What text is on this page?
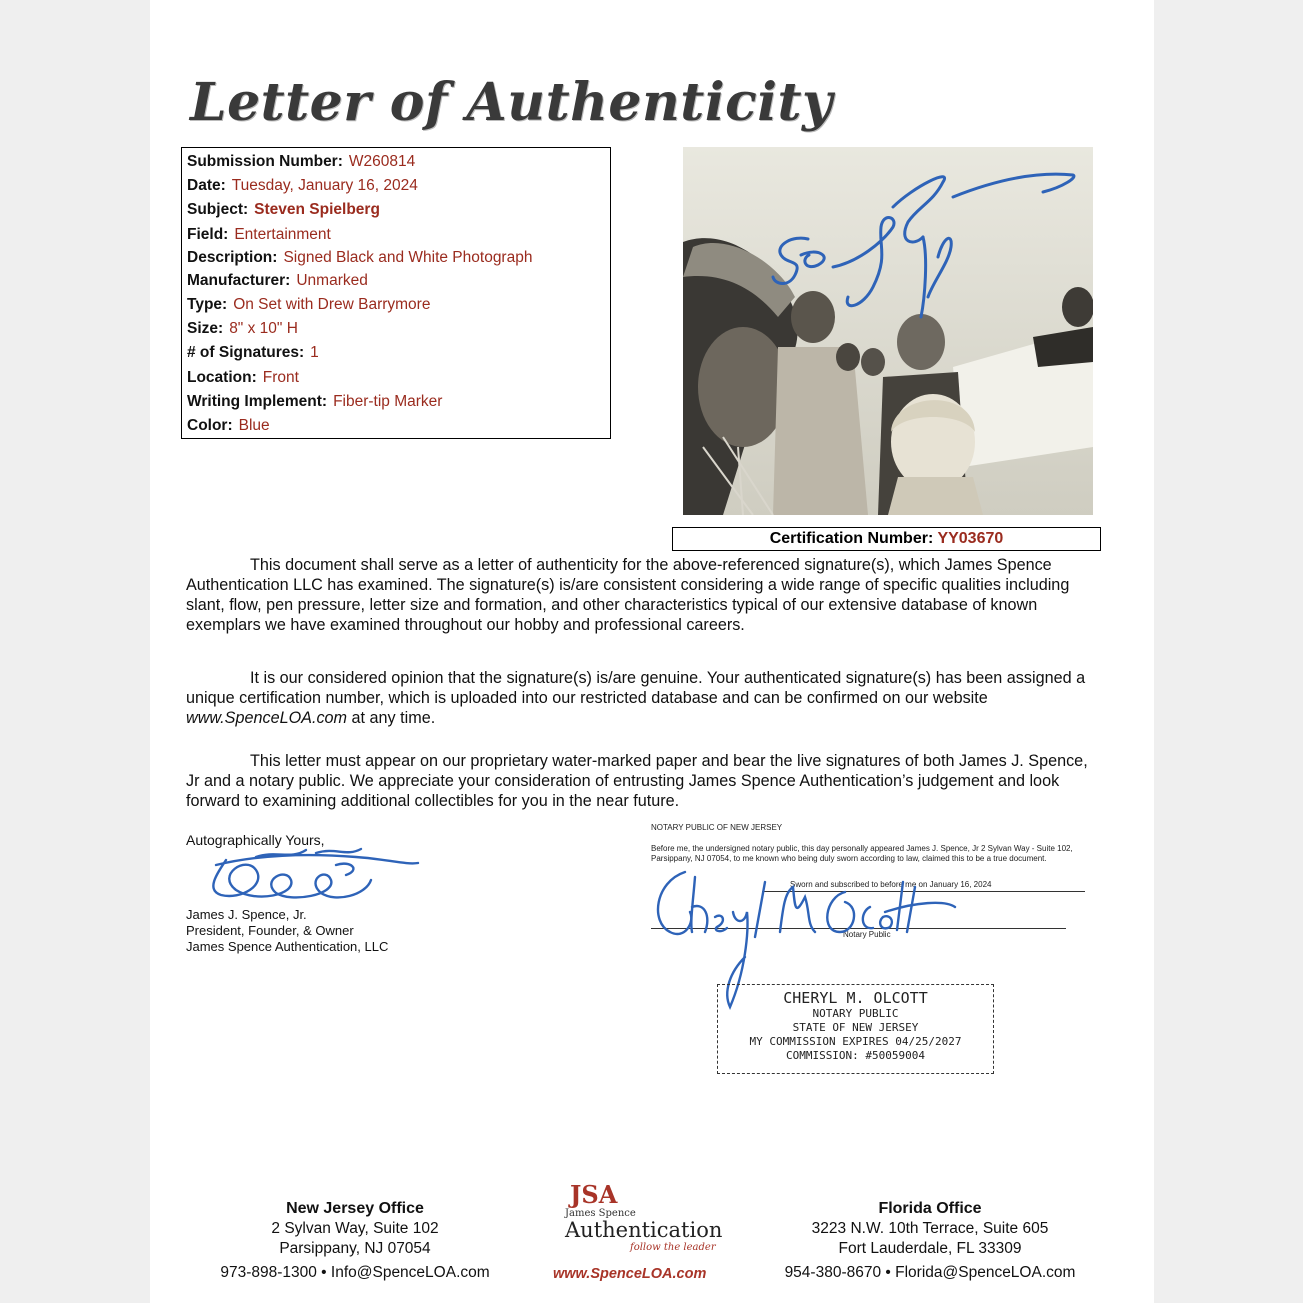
Letter of Authenticity
Submission Number: W260814
Date: Tuesday, January 16, 2024
Subject: Steven Spielberg
Field: Entertainment
Description: Signed Black and White Photograph
Manufacturer: Unmarked
Type: On Set with Drew Barrymore
Size: 8" x 10" H
# of Signatures: 1
Location: Front
Writing Implement: Fiber-tip Marker
Color: Blue
Certification Number: YY03670
This document shall serve as a letter of authenticity for the above-referenced signature(s), which James Spence Authentication LLC has examined. The signature(s) is/are consistent considering a wide range of specific qualities including slant, flow, pen pressure, letter size and formation, and other characteristics typical of our extensive database of known exemplars we have examined throughout our hobby and professional careers.
It is our considered opinion that the signature(s) is/are genuine. Your authenticated signature(s) has been assigned a unique certification number, which is uploaded into our restricted database and can be confirmed on our website www.SpenceLOA.com at any time.
This letter must appear on our proprietary water-marked paper and bear the live signatures of both James J. Spence, Jr and a notary public. We appreciate your consideration of entrusting James Spence Authentication’s judgement and look forward to examining additional collectibles for you in the near future.
Autographically Yours,
James J. Spence, Jr.
President, Founder, & Owner
James Spence Authentication, LLC
NOTARY PUBLIC OF NEW JERSEY
Before me, the undersigned notary public, this day personally appeared James J. Spence, Jr 2 Sylvan Way - Suite 102, Parsippany, NJ 07054, to me known who being duly sworn according to law, claimed this to be a true document.
Sworn and subscribed to before me on January 16, 2024
Notary Public
CHERYL M. OLCOTT
NOTARY PUBLIC
STATE OF NEW JERSEY
MY COMMISSION EXPIRES 04/25/2027
COMMISSION: #50059004
New Jersey Office
2 Sylvan Way, Suite 102
Parsippany, NJ 07054
973-898-1300 • Info@SpenceLOA.com
JSA
James Spence
Authentication
follow the leader
www.SpenceLOA.com
Florida Office
3223 N.W. 10th Terrace, Suite 605
Fort Lauderdale, FL 33309
954-380-8670 • Florida@SpenceLOA.com
